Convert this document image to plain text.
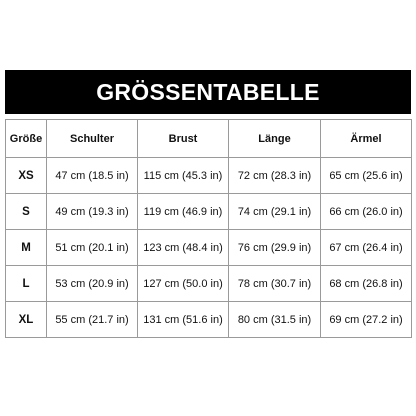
GRÖSSENTABELLE
Größe	Schulter	Brust	Länge	Ärmel
XS	47 cm (18.5 in)	115 cm (45.3 in)	72 cm (28.3 in)	65 cm (25.6 in)
S	49 cm (19.3 in)	119 cm (46.9 in)	74 cm (29.1 in)	66 cm (26.0 in)
M	51 cm (20.1 in)	123 cm (48.4 in)	76 cm (29.9 in)	67 cm (26.4 in)
L	53 cm (20.9 in)	127 cm (50.0 in)	78 cm (30.7 in)	68 cm (26.8 in)
XL	55 cm (21.7 in)	131 cm (51.6 in)	80 cm (31.5 in)	69 cm (27.2 in)
